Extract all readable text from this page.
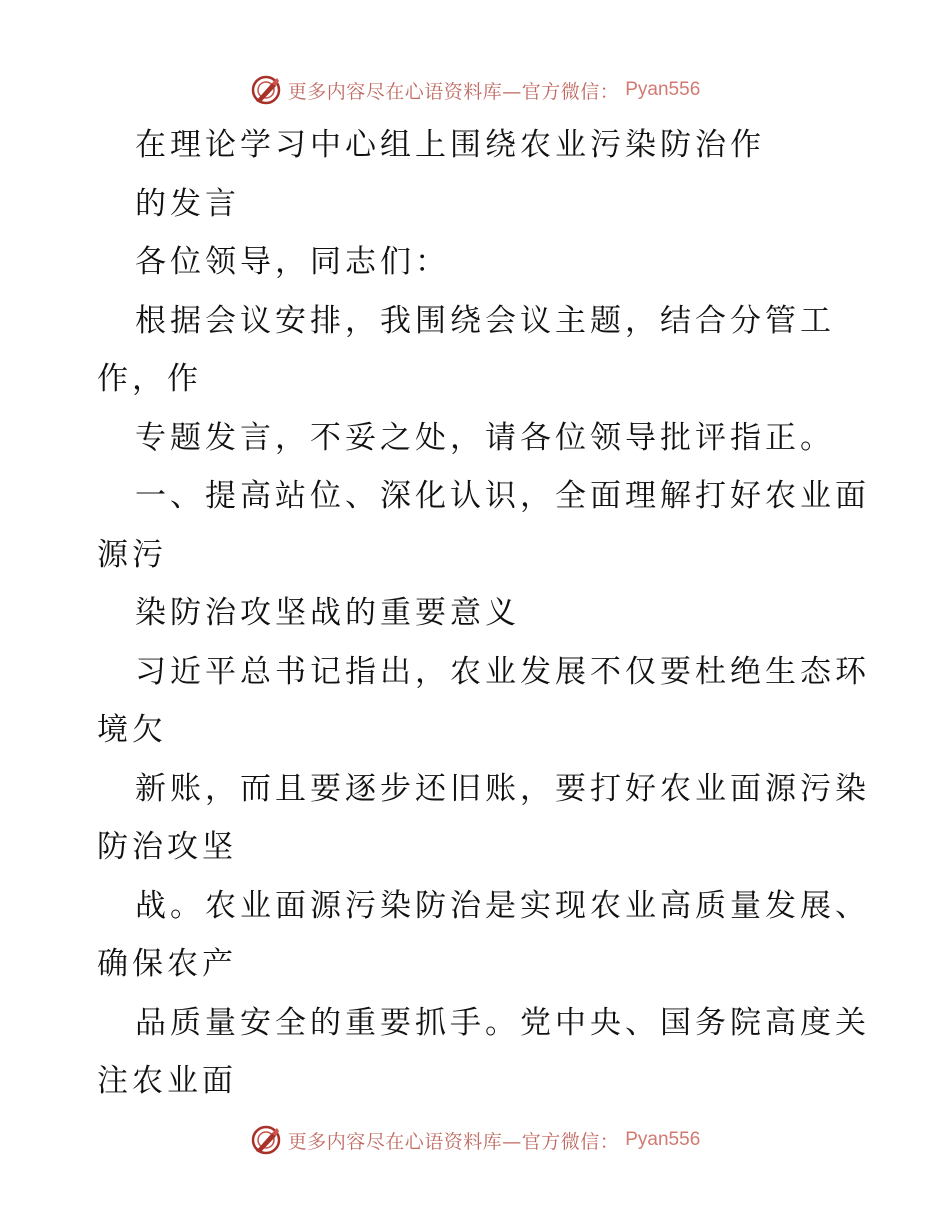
更多内容尽在心语资料库—官方微信： Pyan556
在理论学习中心组上围绕农业污染防治作
的发言
各位领导，同志们：
根据会议安排，我围绕会议主题，结合分管工
作，作
专题发言，不妥之处，请各位领导批评指正。
一、提高站位、深化认识，全面理解打好农业面
源污
染防治攻坚战的重要意义
习近平总书记指出，农业发展不仅要杜绝生态环
境欠
新账，而且要逐步还旧账，要打好农业面源污染
防治攻坚
战。农业面源污染防治是实现农业高质量发展、
确保农产
品质量安全的重要抓手。党中央、国务院高度关
注农业面
更多内容尽在心语资料库—官方微信： Pyan556
